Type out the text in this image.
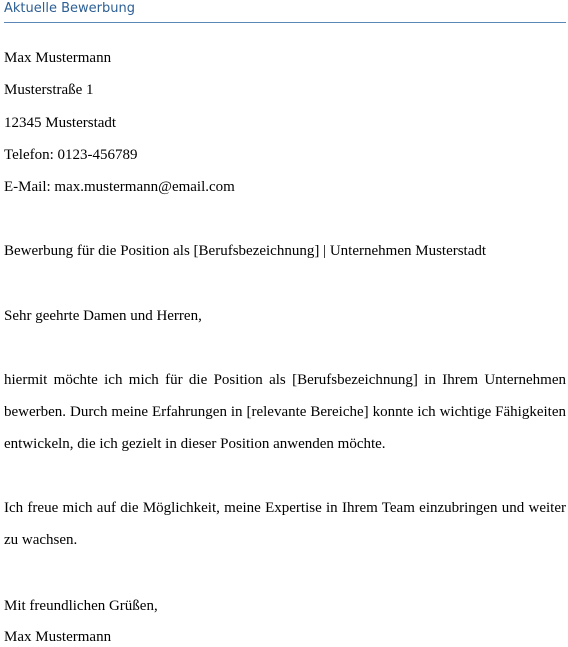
Aktuelle Bewerbung
Max Mustermann
Musterstraße 1
12345 Musterstadt
Telefon: 0123-456789
E-Mail: max.mustermann@email.com
Bewerbung für die Position als [Berufsbezeichnung] | Unternehmen Musterstadt
Sehr geehrte Damen und Herren,
hiermit möchte ich mich für die Position als [Berufsbezeichnung] in Ihrem Unternehmen bewerben. Durch meine Erfahrungen in [relevante Bereiche] konnte ich wichtige Fähigkeiten entwickeln, die ich gezielt in dieser Position anwenden möchte.
Ich freue mich auf die Möglichkeit, meine Expertise in Ihrem Team einzubringen und weiter zu wachsen.
Mit freundlichen Grüßen,
Max Mustermann
